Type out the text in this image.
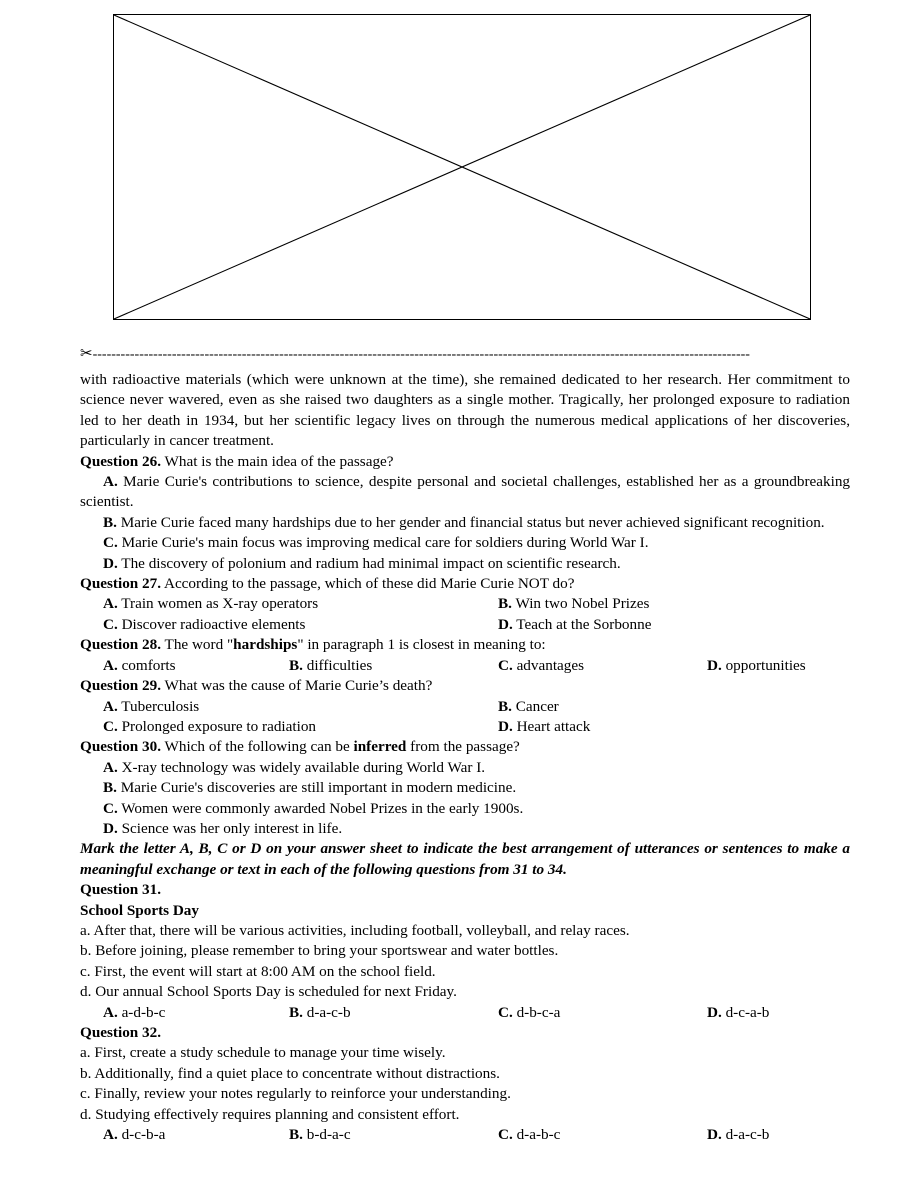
✂---------------------------------------------------------------------------------------------------------------------------------------------

with radioactive materials (which were unknown at the time), she remained dedicated to her research. Her commitment to science never wavered, even as she raised two daughters as a single mother. Tragically, her prolonged exposure to radiation led to her death in 1934, but her scientific legacy lives on through the numerous medical applications of her discoveries, particularly in cancer treatment.

Question 26. What is the main idea of the passage?

A. Marie Curie's contributions to science, despite personal and societal challenges, established her as a groundbreaking scientist.

B. Marie Curie faced many hardships due to her gender and financial status but never achieved significant recognition.

C. Marie Curie's main focus was improving medical care for soldiers during World War I.

D. The discovery of polonium and radium had minimal impact on scientific research.

Question 27. According to the passage, which of these did Marie Curie NOT do?

A. Train women as X-ray operators	B. Win two Nobel Prizes
C. Discover radioactive elements	D. Teach at the Sorbonne

Question 28. The word "hardships" in paragraph 1 is closest in meaning to:

A. comforts	B. difficulties	C. advantages	D. opportunities

Question 29. What was the cause of Marie Curie’s death?

A. Tuberculosis	B. Cancer
C. Prolonged exposure to radiation	D. Heart attack

Question 30. Which of the following can be inferred from the passage?

A. X-ray technology was widely available during World War I.

B. Marie Curie's discoveries are still important in modern medicine.

C. Women were commonly awarded Nobel Prizes in the early 1900s.

D. Science was her only interest in life.

Mark the letter A, B, C or D on your answer sheet to indicate the best arrangement of utterances or sentences to make a meaningful exchange or text in each of the following questions from 31 to 34.

Question 31.

School Sports Day

a. After that, there will be various activities, including football, volleyball, and relay races.

b. Before joining, please remember to bring your sportswear and water bottles.

c. First, the event will start at 8:00 AM on the school field.

d. Our annual School Sports Day is scheduled for next Friday.

A. a-d-b-c	B. d-a-c-b	C. d-b-c-a	D. d-c-a-b

Question 32.

a. First, create a study schedule to manage your time wisely.

b. Additionally, find a quiet place to concentrate without distractions.

c. Finally, review your notes regularly to reinforce your understanding.

d. Studying effectively requires planning and consistent effort.

A. d-c-b-a	B. b-d-a-c	C. d-a-b-c	D. d-a-c-b
